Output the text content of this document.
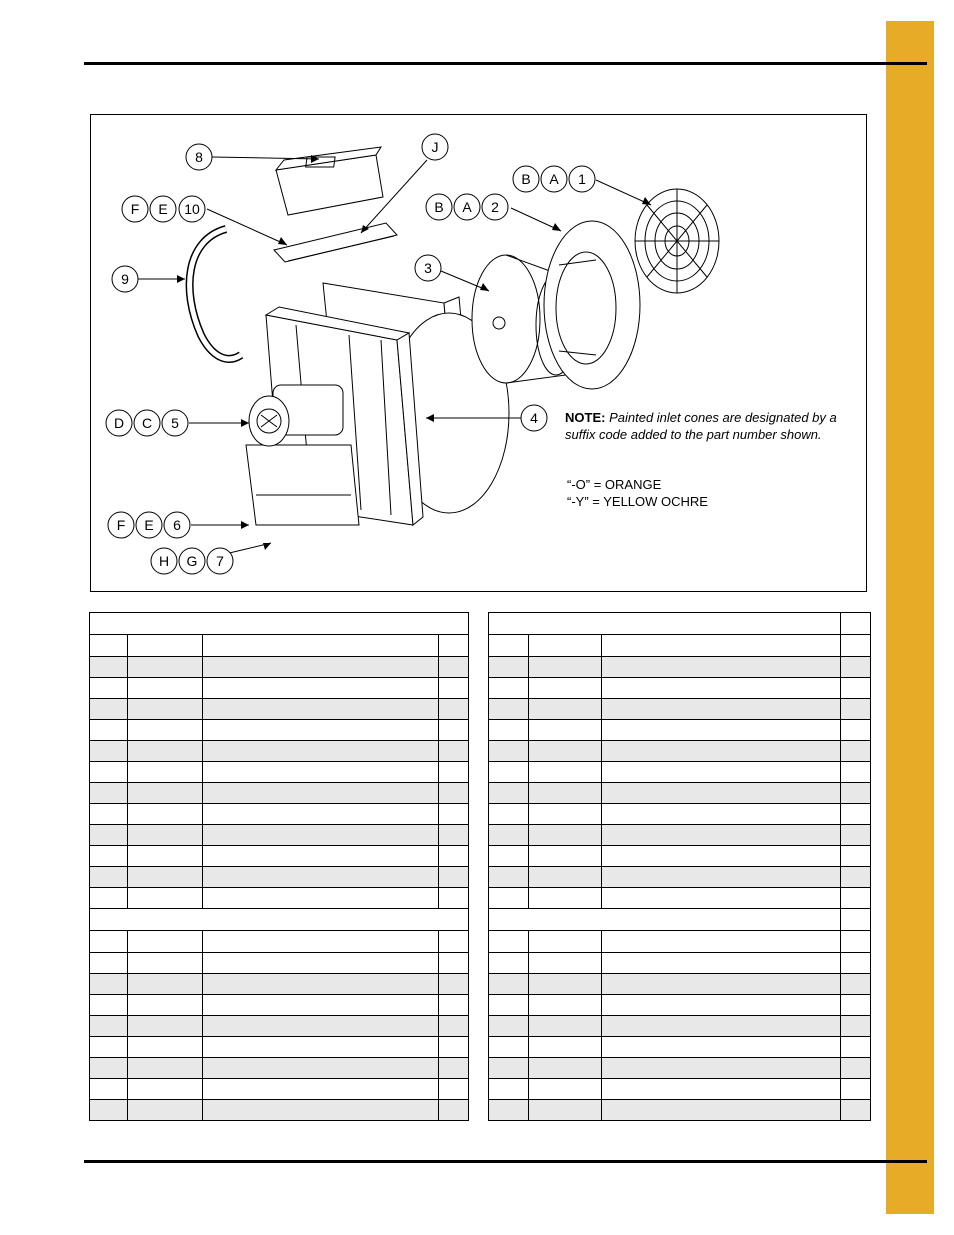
8
J
B A 1
B A 2
F E 10
9
3
D C 5	4
F E 6
H G 7
NOTE: Painted inlet cones are designated by a suffix code added to the part number shown.
“-O” = ORANGE
“-Y” = YELLOW OCHRE
